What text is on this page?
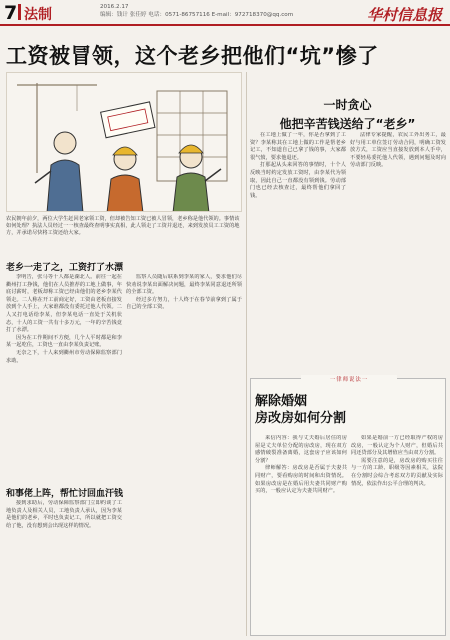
7 法制	2016.2.17
编辑：钱计 张佳婷 电话：0571-86757116 E-mail：972718370@qq.com	华村信息报
工资被冒领，这个老乡把他们“坑”惨了
农民朝年前夕，两位大学生赶回老家领工资，但却被告知工资已被人冒领，老乡称是他代领的。事情该如何处理？执法人员经过一一核查最终查明事实真相，此人领走了工资并退还，来到发放员工工资的地方，并承诺尽快将工资还给大家。
一时贪心
他把辛苦钱送给了“老乡”

在工地上做了一年，你是否拿到了工资？李某称其在工地上做的工作是帮老乡记工，不知道自己已拿了钱的事，大家都很气愤，要求他退还。

打那起从头来回答的事情时，十个人反映当时约定发放工资时，由李某代为领取，因此自己一直都没有领到钱。劳动部门也已经去核查过，最终帮他们拿回了钱。

法律专家提醒，农民工外出务工，最好与用工单位签订劳动合同，明确工资发放方式，工资应当直接发放到本人手中，不要轻易委托他人代领，遇到问题及时向劳动部门反映。

老乡一走了之，工资打了水漂

李明告，张马等十人都是湖北人。前往一起在衢州打工挣钱，他们在人员推荐的工地上做事，年底讨薪时，老板却称工资已经由他们的老乡李某代领走。二人称在开工前商定好，工资由老板直接发放到个人手上，大家谁都没有委托过他人代领。二人又打电话给李某，但李某电话一直处于关机状态，十人的工资一共有十多万元，一年的辛苦钱竟打了水漂。

因为在工作期间不方便，几个人平时都是和李某一起吃住，工资也一直由李某负责记账。

无奈之下，十人来到衢州市劳动保障监察部门求助。

和事佬上阵，帮忙讨回血汗钱

接到求助后，劳动保障监察部门立即约谈了工地负责人及相关人员，工地负责人承认，因为李某是他们的老乡，平时也负责记工，所以就把工资交给了他，没有想到会出现这样的情况。

监察人员随后联系到李某的家人，要求他们尽快劝说李某出面解决问题，最终李某同意退还所领的全部工资。

经过多方努力，十人终于在春节前拿到了属于自己的全部工资。

一律师说法一
解除婚姻
房改房如何分割

来信内容：我与丈夫婚后居住的房屋是丈夫单位分配的房改房，现在双方感情破裂准备离婚，这套房子应该如何分割？

律师解答：房改房是否属于夫妻共同财产，要看购房的时间和出资情况。如果房改房是在婚后用夫妻共同财产购买的，一般应认定为夫妻共同财产。

如果是婚前一方已经取得产权的房改房，一般认定为个人财产，但婚后共同还贷部分及其增值应当由双方分割。

需要注意的是，房改房的购买往往与一方的工龄、职级等因素相关，法院在分割时会综合考虑双方的贡献及实际情况，依法作出公平合理的判决。
